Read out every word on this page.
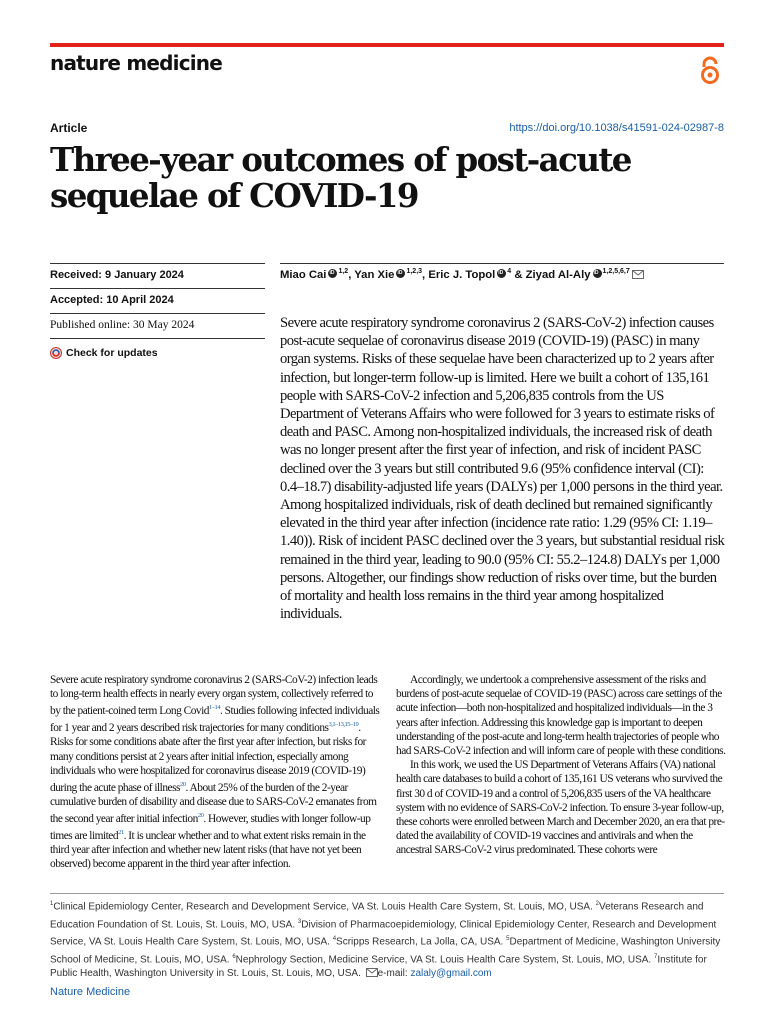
nature medicine
Article	https://doi.org/10.1038/s41591-024-02987-8
Three-year outcomes of post-acute sequelae of COVID-19
Received: 9 January 2024
Accepted: 10 April 2024
Published online: 30 May 2024
Check for updates
Miao Cai iD $^{1,2}$, Yan Xie iD $^{1,2,3}$, Eric J. Topol iD $^4$ & Ziyad Al-Aly iD $^{1,2,5,6,7}$

Severe acute respiratory syndrome coronavirus 2 (SARS-CoV-2) infection causes post-acute sequelae of coronavirus disease 2019 (COVID-19) (PASC) in many organ systems. Risks of these sequelae have been characterized up to 2 years after infection, but longer-term follow-up is limited. Here we built a cohort of 135,161 people with SARS-CoV-2 infection and 5,206,835 controls from the US Department of Veterans Affairs who were followed for 3 years to estimate risks of death and PASC. Among non-hospitalized individuals, the increased risk of death was no longer present after the first year of infection, and risk of incident PASC declined over the 3 years but still contributed 9.6 (95% confidence interval (CI): 0.4–18.7) disability-adjusted life years (DALYs) per 1,000 persons in the third year. Among hospitalized individuals, risk of death declined but remained significantly elevated in the third year after infection (incidence rate ratio: 1.29 (95% CI: 1.19–1.40)). Risk of incident PASC declined over the 3 years, but substantial residual risk remained in the third year, leading to 90.0 (95% CI: 55.2–124.8) DALYs per 1,000 persons. Altogether, our findings show reduction of risks over time, but the burden of mortality and health loss remains in the third year among hospitalized individuals.

Severe acute respiratory syndrome coronavirus 2 (SARS-CoV-2) infection leads to long-term health effects in nearly every organ system, collectively referred to by the patient-coined term Long Covid$^{1-14}$. Studies following infected individuals for 1 year and 2 years described risk trajectories for many conditions$^{3,1-13,15-19}$. Risks for some conditions abate after the first year after infection, but risks for many conditions persist at 2 years after initial infection, especially among individuals who were hospitalized for coronavirus disease 2019 (COVID-19) during the acute phase of illness$^{20}$. About 25% of the burden of the 2-year cumulative burden of disability and disease due to SARS-CoV-2 emanates from the second year after initial infection$^{20}$. However, studies with longer follow-up times are limited$^{21}$. It is unclear whether and to what extent risks remain in the third year after infection and whether new latent risks (that have not yet been observed) become apparent in the third year after infection.

Accordingly, we undertook a comprehensive assessment of the risks and burdens of post-acute sequelae of COVID-19 (PASC) across care settings of the acute infection—both non-hospitalized and hospitalized individuals—in the 3 years after infection. Addressing this knowledge gap is important to deepen understanding of the post-acute and long-term health trajectories of people who had SARS-CoV-2 infection and will inform care of people with these conditions.

In this work, we used the US Department of Veterans Affairs (VA) national health care databases to build a cohort of 135,161 US veterans who survived the first 30 d of COVID-19 and a control of 5,206,835 users of the VA healthcare system with no evidence of SARS-CoV-2 infection. To ensure 3-year follow-up, these cohorts were enrolled between March and December 2020, an era that pre-dated the availability of COVID-19 vaccines and antivirals and when the ancestral SARS-CoV-2 virus predominated. These cohorts were

$^1$Clinical Epidemiology Center, Research and Development Service, VA St. Louis Health Care System, St. Louis, MO, USA. $^2$Veterans Research and Education Foundation of St. Louis, St. Louis, MO, USA. $^3$Division of Pharmacoepidemiology, Clinical Epidemiology Center, Research and Development Service, VA St. Louis Health Care System, St. Louis, MO, USA. $^4$Scripps Research, La Jolla, CA, USA. $^5$Department of Medicine, Washington University School of Medicine, St. Louis, MO, USA. $^6$Nephrology Section, Medicine Service, VA St. Louis Health Care System, St. Louis, MO, USA. $^7$Institute for Public Health, Washington University in St. Louis, St. Louis, MO, USA. e-mail: zalaly@gmail.com

Nature Medicine
